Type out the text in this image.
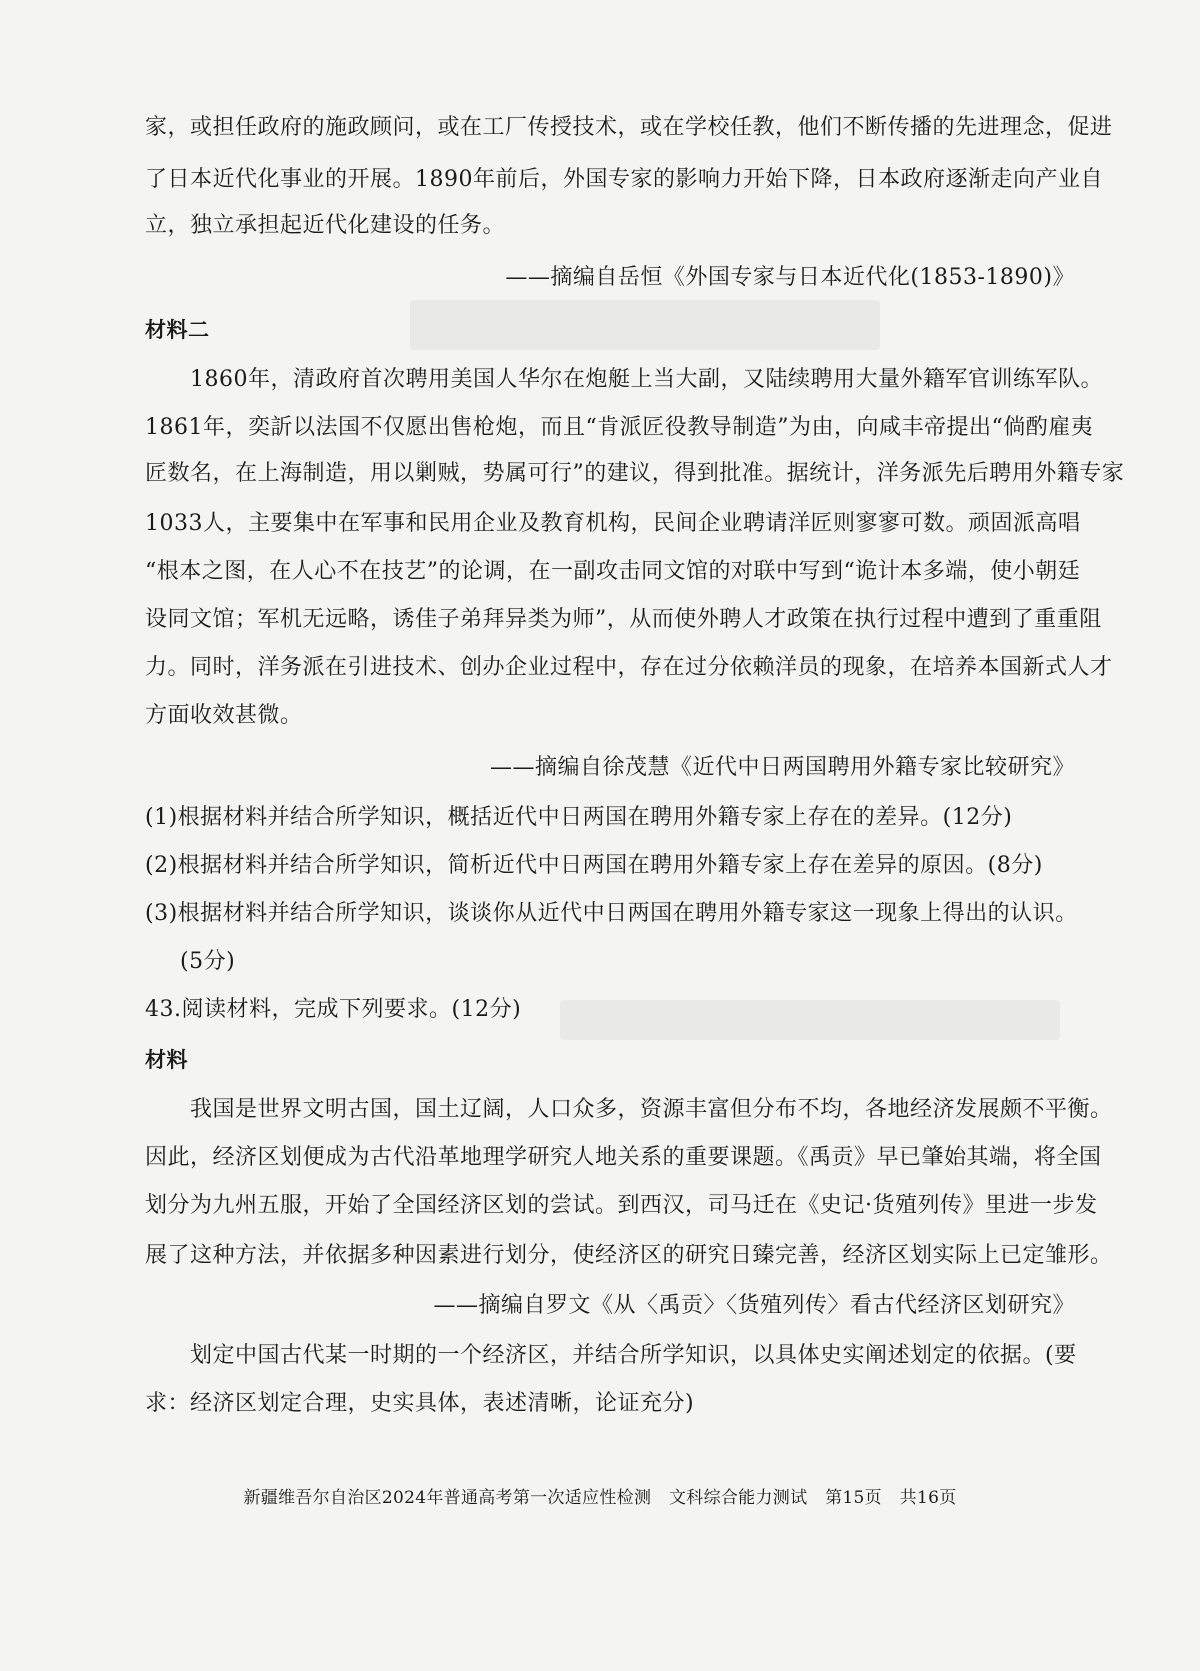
家，或担任政府的施政顾问，或在工厂传授技术，或在学校任教，他们不断传播的先进理念，促进
了日本近代化事业的开展。1890年前后，外国专家的影响力开始下降，日本政府逐渐走向产业自
立，独立承担起近代化建设的任务。
——摘编自岳恒《外国专家与日本近代化(1853-1890)》
材料二
1860年，清政府首次聘用美国人华尔在炮艇上当大副，又陆续聘用大量外籍军官训练军队。
1861年，奕訢以法国不仅愿出售枪炮，而且“肯派匠役教导制造”为由，向咸丰帝提出“倘酌雇夷
匠数名，在上海制造，用以剿贼，势属可行”的建议，得到批准。据统计，洋务派先后聘用外籍专家
1033人，主要集中在军事和民用企业及教育机构，民间企业聘请洋匠则寥寥可数。顽固派高唱
“根本之图，在人心不在技艺”的论调，在一副攻击同文馆的对联中写到“诡计本多端，使小朝廷
设同文馆；军机无远略，诱佳子弟拜异类为师”，从而使外聘人才政策在执行过程中遭到了重重阻
力。同时，洋务派在引进技术、创办企业过程中，存在过分依赖洋员的现象，在培养本国新式人才
方面收效甚微。
——摘编自徐茂慧《近代中日两国聘用外籍专家比较研究》
(1)根据材料并结合所学知识，概括近代中日两国在聘用外籍专家上存在的差异。(12分)
(2)根据材料并结合所学知识，简析近代中日两国在聘用外籍专家上存在差异的原因。(8分)
(3)根据材料并结合所学知识，谈谈你从近代中日两国在聘用外籍专家这一现象上得出的认识。
(5分)
43.阅读材料，完成下列要求。(12分)
材料
我国是世界文明古国，国土辽阔，人口众多，资源丰富但分布不均，各地经济发展颇不平衡。
因此，经济区划便成为古代沿革地理学研究人地关系的重要课题。《禹贡》早已肇始其端，将全国
划分为九州五服，开始了全国经济区划的尝试。到西汉，司马迁在《史记·货殖列传》里进一步发
展了这种方法，并依据多种因素进行划分，使经济区的研究日臻完善，经济区划实际上已定雏形。
——摘编自罗文《从〈禹贡〉〈货殖列传〉看古代经济区划研究》
划定中国古代某一时期的一个经济区，并结合所学知识，以具体史实阐述划定的依据。(要
求：经济区划定合理，史实具体，表述清晰，论证充分)
新疆维吾尔自治区2024年普通高考第一次适应性检测 文科综合能力测试 第15页 共16页
